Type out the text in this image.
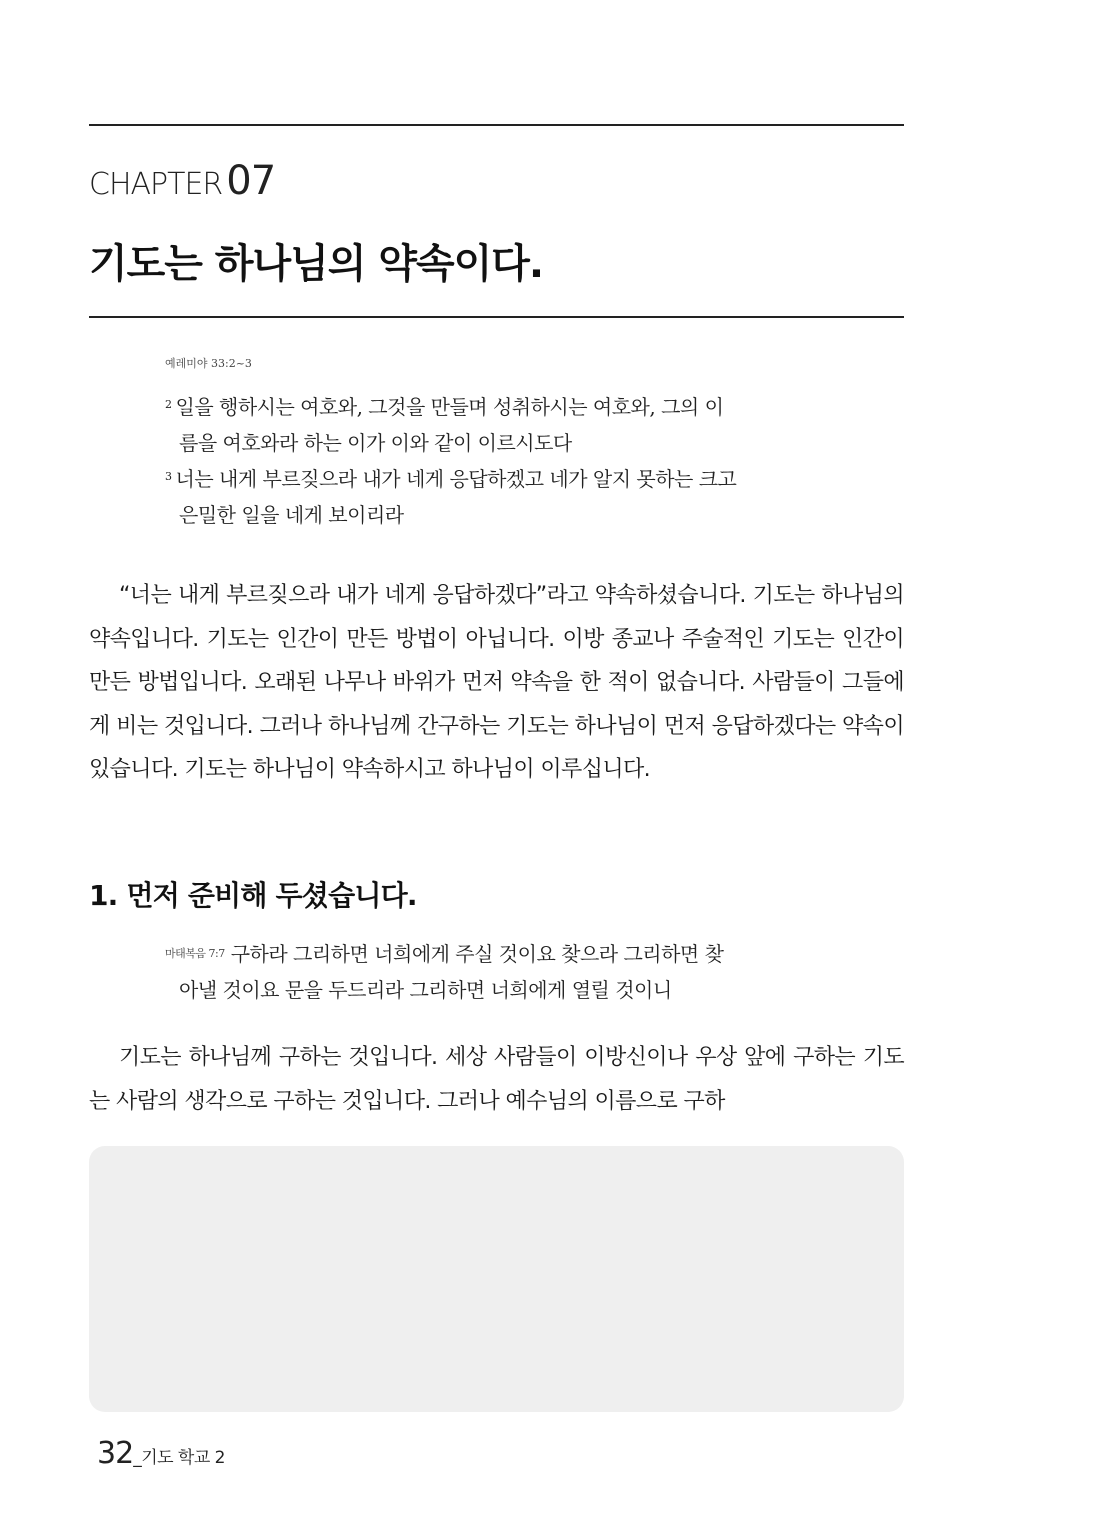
CHAPTER 07
기도는 하나님의 약속이다.
예레미야 33:2~3
$^2$ 일을 행하시는 여호와, 그것을 만들며 성취하시는 여호와, 그의 이
름을 여호와라 하는 이가 이와 같이 이르시도다
$^3$ 너는 내게 부르짖으라 내가 네게 응답하겠고 네가 알지 못하는 크고
은밀한 일을 네게 보이리라

“너는 내게 부르짖으라 내가 네게 응답하겠다”라고 약속하셨습니다. 기도는 하나님의 약속입니다. 기도는 인간이 만든 방법이 아닙니다. 이방 종교나 주술적인 기도는 인간이 만든 방법입니다. 오래된 나무나 바위가 먼저 약속을 한 적이 없습니다. 사람들이 그들에게 비는 것입니다. 그러나 하나님께 간구하는 기도는 하나님이 먼저 응답하겠다는 약속이 있습니다. 기도는 하나님이 약속하시고 하나님이 이루십니다.

1. 먼저 준비해 두셨습니다.
$^{마태복음 7:7}$ 구하라 그리하면 너희에게 주실 것이요 찾으라 그리하면 찾
아낼 것이요 문을 두드리라 그리하면 너희에게 열릴 것이니

기도는 하나님께 구하는 것입니다. 세상 사람들이 이방신이나 우상 앞에 구하는 기도는 사람의 생각으로 구하는 것입니다. 그러나 예수님의 이름으로 구하

32_기도 학교 2
